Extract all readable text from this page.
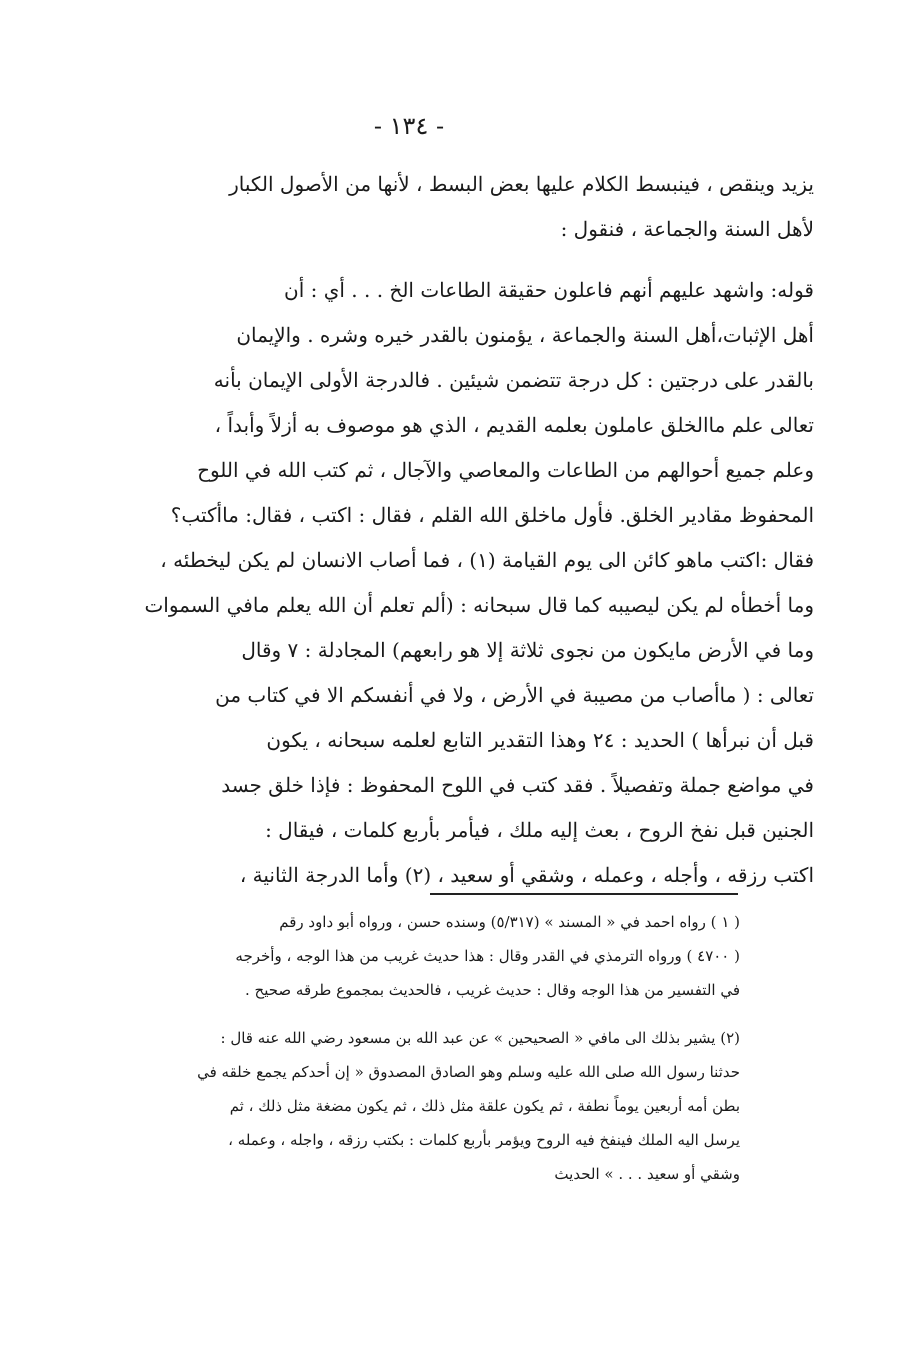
- ١٣٤ -
يزيد وينقص ، فينبسط الكلام عليها بعض البسط ، لأنها من الأصول الكبار
لأهل السنة والجماعة ، فنقول :
قوله: واشهد عليهم أنهم فاعلون حقيقة الطاعات الخ . . . أي : أن
أهل الإثبات،أهل السنة والجماعة ، يؤمنون بالقدر خيره وشره . والإيمان
بالقدر على درجتين : كل درجة تتضمن شيئين . فالدرجة الأولى الإيمان بأنه
تعالى علم ماالخلق عاملون بعلمه القديم ، الذي هو موصوف به أزلاً وأبداً ،
وعلم جميع أحوالهم من الطاعات والمعاصي والآجال ، ثم كتب الله في اللوح
المحفوظ مقادير الخلق. فأول ماخلق الله القلم ، فقال : اكتب ، فقال: ماأكتب؟
فقال :اكتب ماهو كائن الى يوم القيامة (١) ، فما أصاب الانسان لم يكن ليخطئه ،
وما أخطأه لم يكن ليصيبه كما قال سبحانه : (ألم تعلم أن الله يعلم مافي السموات
وما في الأرض مايكون من نجوى ثلاثة إلا هو رابعهم) المجادلة : ٧ وقال
تعالى : ( ماأصاب من مصيبة في الأرض ، ولا في أنفسكم الا في كتاب من
قبل أن نبرأها ) الحديد : ٢٤ وهذا التقدير التابع لعلمه سبحانه ، يكون
في مواضع جملة وتفصيلاً . فقد كتب في اللوح المحفوظ : فإذا خلق جسد
الجنين قبل نفخ الروح ، بعث إليه ملك ، فيأمر بأربع كلمات ، فيقال :
اكتب رزقه ، وأجله ، وعمله ، وشقي أو سعيد ، (٢) وأما الدرجة الثانية ،
( ١ ) رواه احمد في « المسند » (٥/٣١٧) وسنده حسن ، ورواه أبو داود رقم
( ٤٧٠٠ ) ورواه الترمذي في القدر وقال : هذا حديث غريب من هذا الوجه ، وأخرجه
في التفسير من هذا الوجه وقال : حديث غريب ، فالحديث بمجموع طرقه صحيح .
(٢) يشير بذلك الى مافي « الصحيحين » عن عبد الله بن مسعود رضي الله عنه قال :
حدثنا رسول الله صلى الله عليه وسلم وهو الصادق المصدوق « إن أحدكم يجمع خلقه في
بطن أمه أربعين يوماً نطفة ، ثم يكون علقة مثل ذلك ، ثم يكون مضغة مثل ذلك ، ثم
يرسل اليه الملك فينفخ فيه الروح ويؤمر بأربع كلمات : بكتب رزقه ، واجله ، وعمله ،
وشقي أو سعيد . . . » الحديث
